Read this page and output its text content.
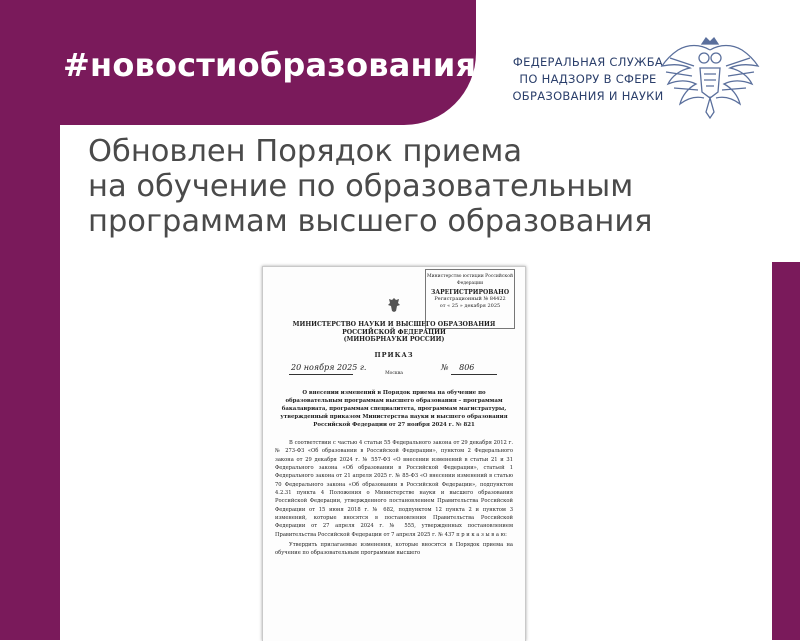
#новостиобразования	ФЕДЕРАЛЬНАЯ СЛУЖБА
ПО НАДЗОРУ В СФЕРЕ
ОБРАЗОВАНИЯ И НАУКИ
Обновлен Порядок приема
на обучение по образовательным
программам высшего образования
Министерство юстиции Российской Федерации
ЗАРЕГИСТРИРОВАНО
Регистрационный № 84422
от « 25 » декабря 2025
МИНИСТЕРСТВО НАУКИ И ВЫСШЕГО ОБРАЗОВАНИЯ
РОССИЙСКОЙ ФЕДЕРАЦИИ
(МИНОБРНАУКИ РОССИИ)
ПРИКАЗ
20 ноября 2025 г.	№ 806
Москва
О внесении изменений в Порядок приема на обучение по образовательным программам высшего образования – программам бакалавриата, программам специалитета, программам магистратуры, утвержденный приказом Министерства науки и высшего образования Российской Федерации от 27 ноября 2024 г. № 821

В соответствии с частью 4 статьи 55 Федерального закона от 29 декабря 2012 г. № 273-ФЗ «Об образовании в Российской Федерации», пунктом 2 Федерального закона от 29 декабря 2024 г. № 557-ФЗ «О внесении изменений в статьи 21 и 31 Федерального закона «Об образовании в Российской Федерации», статьей 1 Федерального закона от 21 апреля 2025 г. № 85-ФЗ «О внесении изменений в статью 70 Федерального закона «Об образовании в Российской Федерации», подпунктом 4.2.31 пункта 4 Положения о Министерстве науки и высшего образования Российской Федерации, утвержденного постановлением Правительства Российской Федерации от 15 июня 2018 г. № 682, подпунктом 12 пункта 2 и пунктом 3 изменений, которые вносятся в постановления Правительства Российской Федерации от 27 апреля 2024 г. № 555, утвержденных постановлением Правительства Российской Федерации от 7 апреля 2025 г. № 437 п р и к а з ы в а ю:

Утвердить прилагаемые изменения, которые вносятся в Порядок приема на обучение по образовательным программам высшего
